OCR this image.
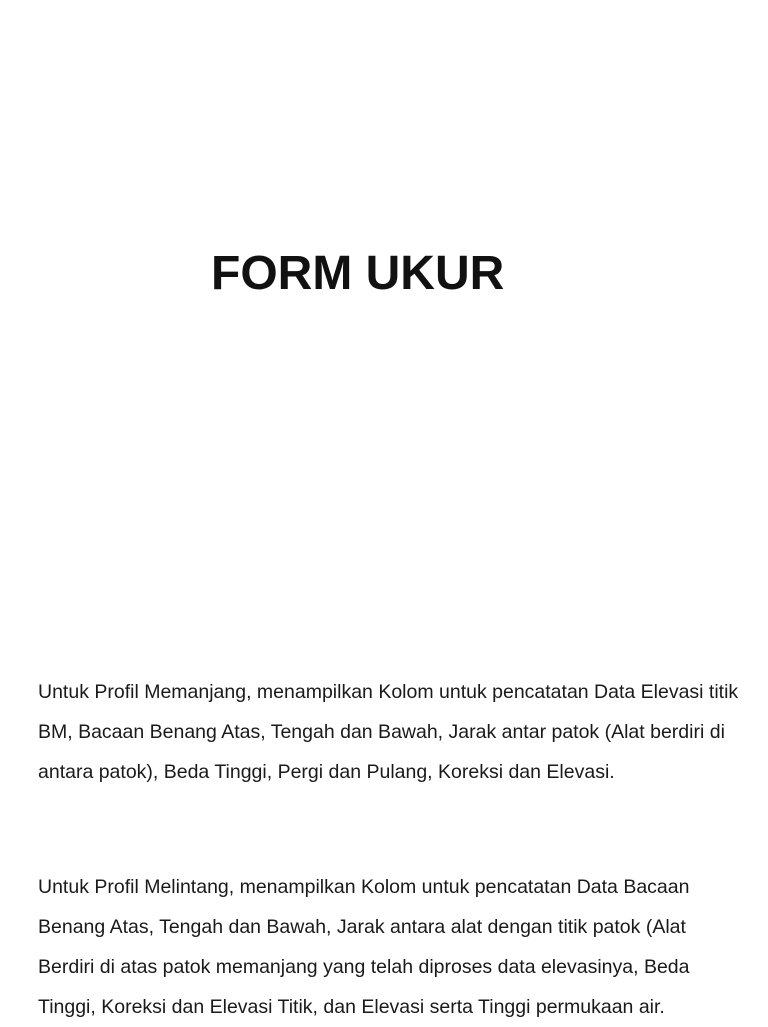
FORM UKUR

Untuk Profil Memanjang, menampilkan Kolom untuk pencatatan Data Elevasi titik BM, Bacaan Benang Atas, Tengah dan Bawah, Jarak antar patok (Alat berdiri di antara patok), Beda Tinggi, Pergi dan Pulang, Koreksi dan Elevasi.

Untuk Profil Melintang, menampilkan Kolom untuk pencatatan Data Bacaan Benang Atas, Tengah dan Bawah, Jarak antara alat dengan titik patok (Alat Berdiri di atas patok memanjang yang telah diproses data elevasinya, Beda Tinggi, Koreksi dan Elevasi Titik, dan Elevasi serta Tinggi permukaan air.
